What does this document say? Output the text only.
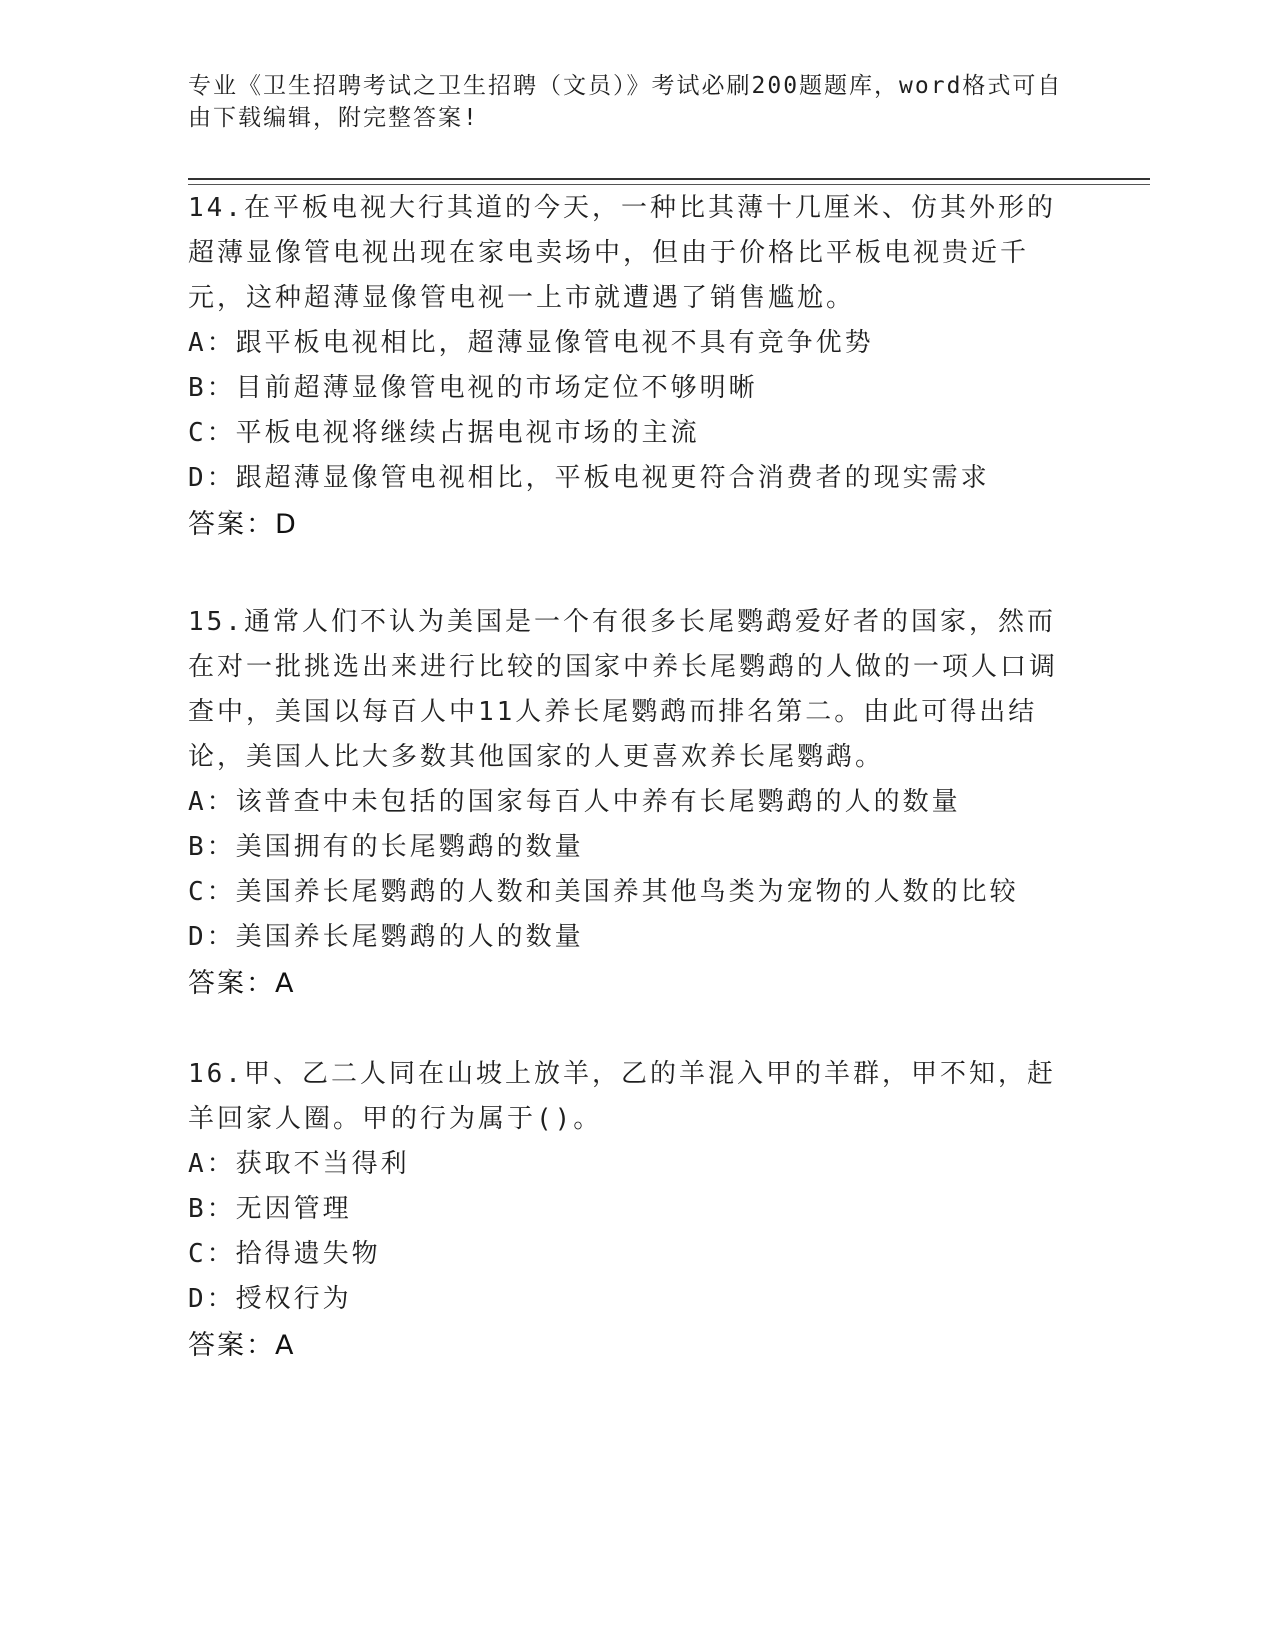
专业《卫生招聘考试之卫生招聘（文员）》考试必刷200题题库，word格式可自由下载编辑，附完整答案!
14.在平板电视大行其道的今天，一种比其薄十几厘米、仿其外形的超薄显像管电视出现在家电卖场中，但由于价格比平板电视贵近千元，这种超薄显像管电视一上市就遭遇了销售尴尬。
A：跟平板电视相比，超薄显像管电视不具有竞争优势
B：目前超薄显像管电视的市场定位不够明晰
C：平板电视将继续占据电视市场的主流
D：跟超薄显像管电视相比，平板电视更符合消费者的现实需求
答案：D
15.通常人们不认为美国是一个有很多长尾鹦鹉爱好者的国家，然而在对一批挑选出来进行比较的国家中养长尾鹦鹉的人做的一项人口调查中，美国以每百人中11人养长尾鹦鹉而排名第二。由此可得出结论，美国人比大多数其他国家的人更喜欢养长尾鹦鹉。
A：该普查中未包括的国家每百人中养有长尾鹦鹉的人的数量
B：美国拥有的长尾鹦鹉的数量
C：美国养长尾鹦鹉的人数和美国养其他鸟类为宠物的人数的比较
D：美国养长尾鹦鹉的人的数量
答案：A
16.甲、乙二人同在山坡上放羊，乙的羊混入甲的羊群，甲不知，赶羊回家人圈。甲的行为属于()。
A：获取不当得利
B：无因管理
C：拾得遗失物
D：授权行为
答案：A
